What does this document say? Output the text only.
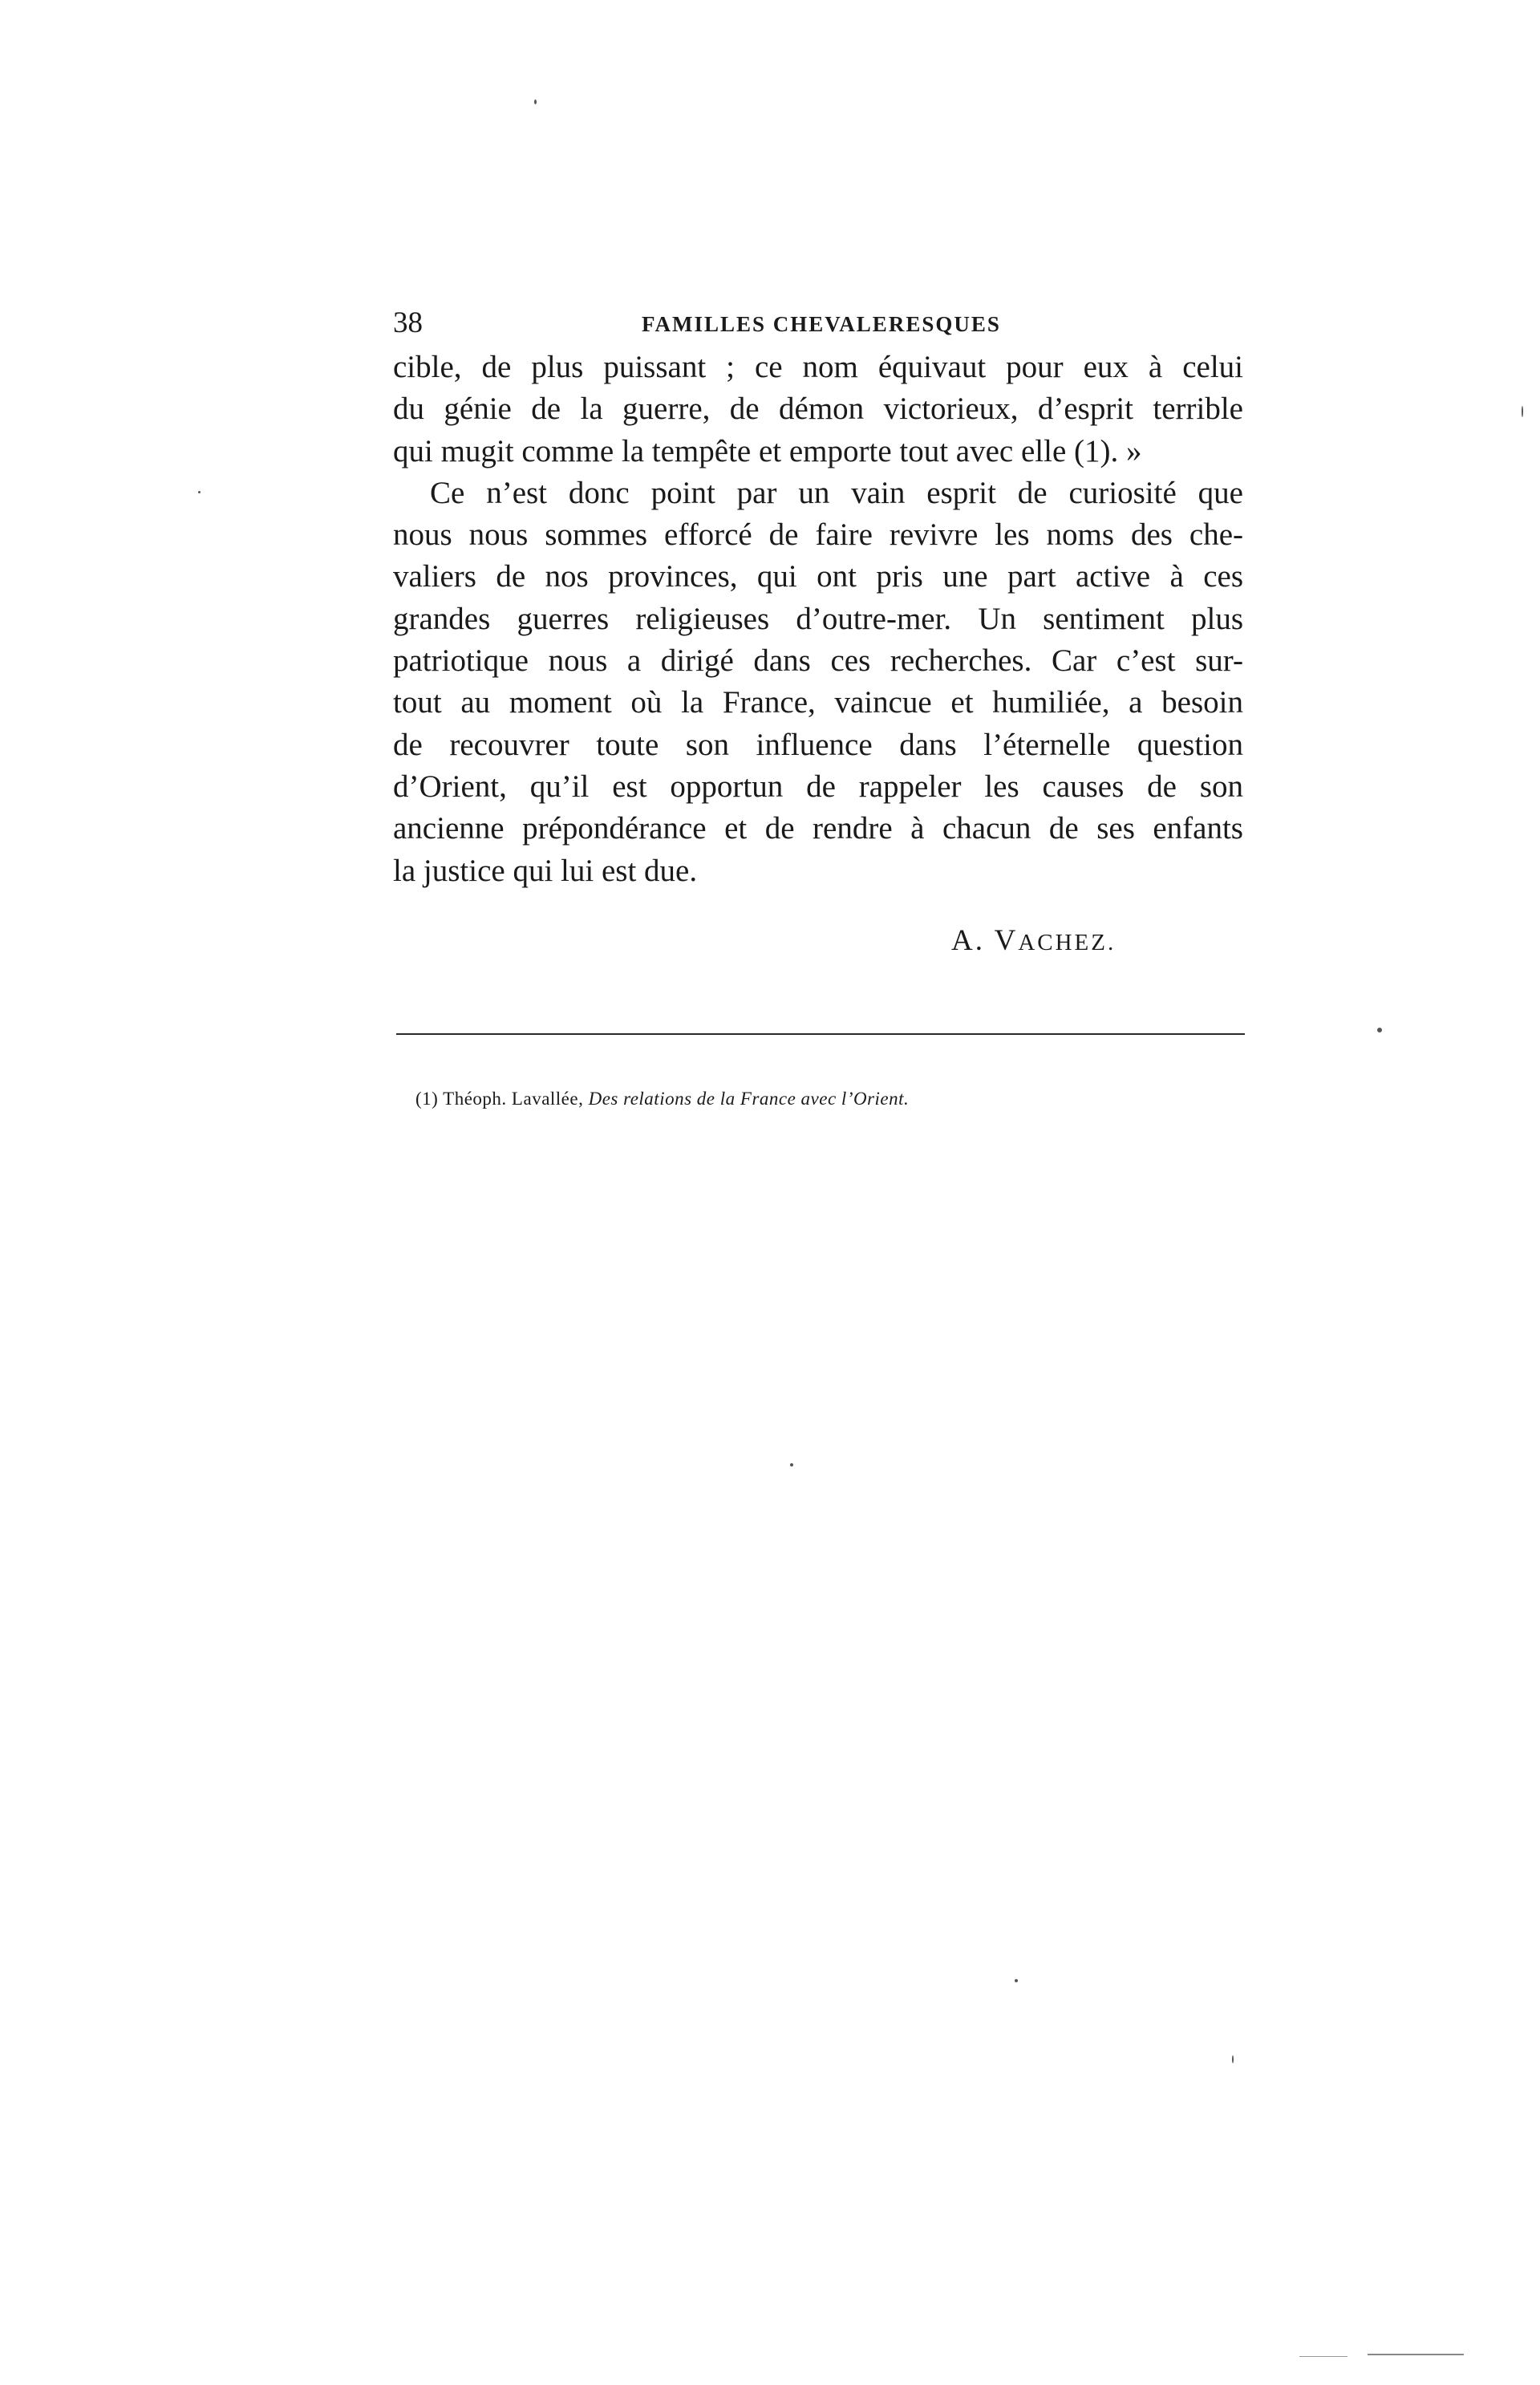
38	FAMILLES CHEVALERESQUES
cible, de plus puissant ; ce nom équivaut pour eux à celui
du génie de la guerre, de démon victorieux, d’esprit terrible
qui mugit comme la tempête et emporte tout avec elle (1). »
Ce n’est donc point par un vain esprit de curiosité que
nous nous sommes efforcé de faire revivre les noms des che-
valiers de nos provinces, qui ont pris une part active à ces
grandes guerres religieuses d’outre-mer. Un sentiment plus
patriotique nous a dirigé dans ces recherches. Car c’est sur-
tout au moment où la France, vaincue et humiliée, a besoin
de recouvrer toute son influence dans l’éternelle question
d’Orient, qu’il est opportun de rappeler les causes de son
ancienne prépondérance et de rendre à chacun de ses enfants
la justice qui lui est due.
A. VACHEZ.
(1) Théoph. Lavallée, Des relations de la France avec l’Orient.
